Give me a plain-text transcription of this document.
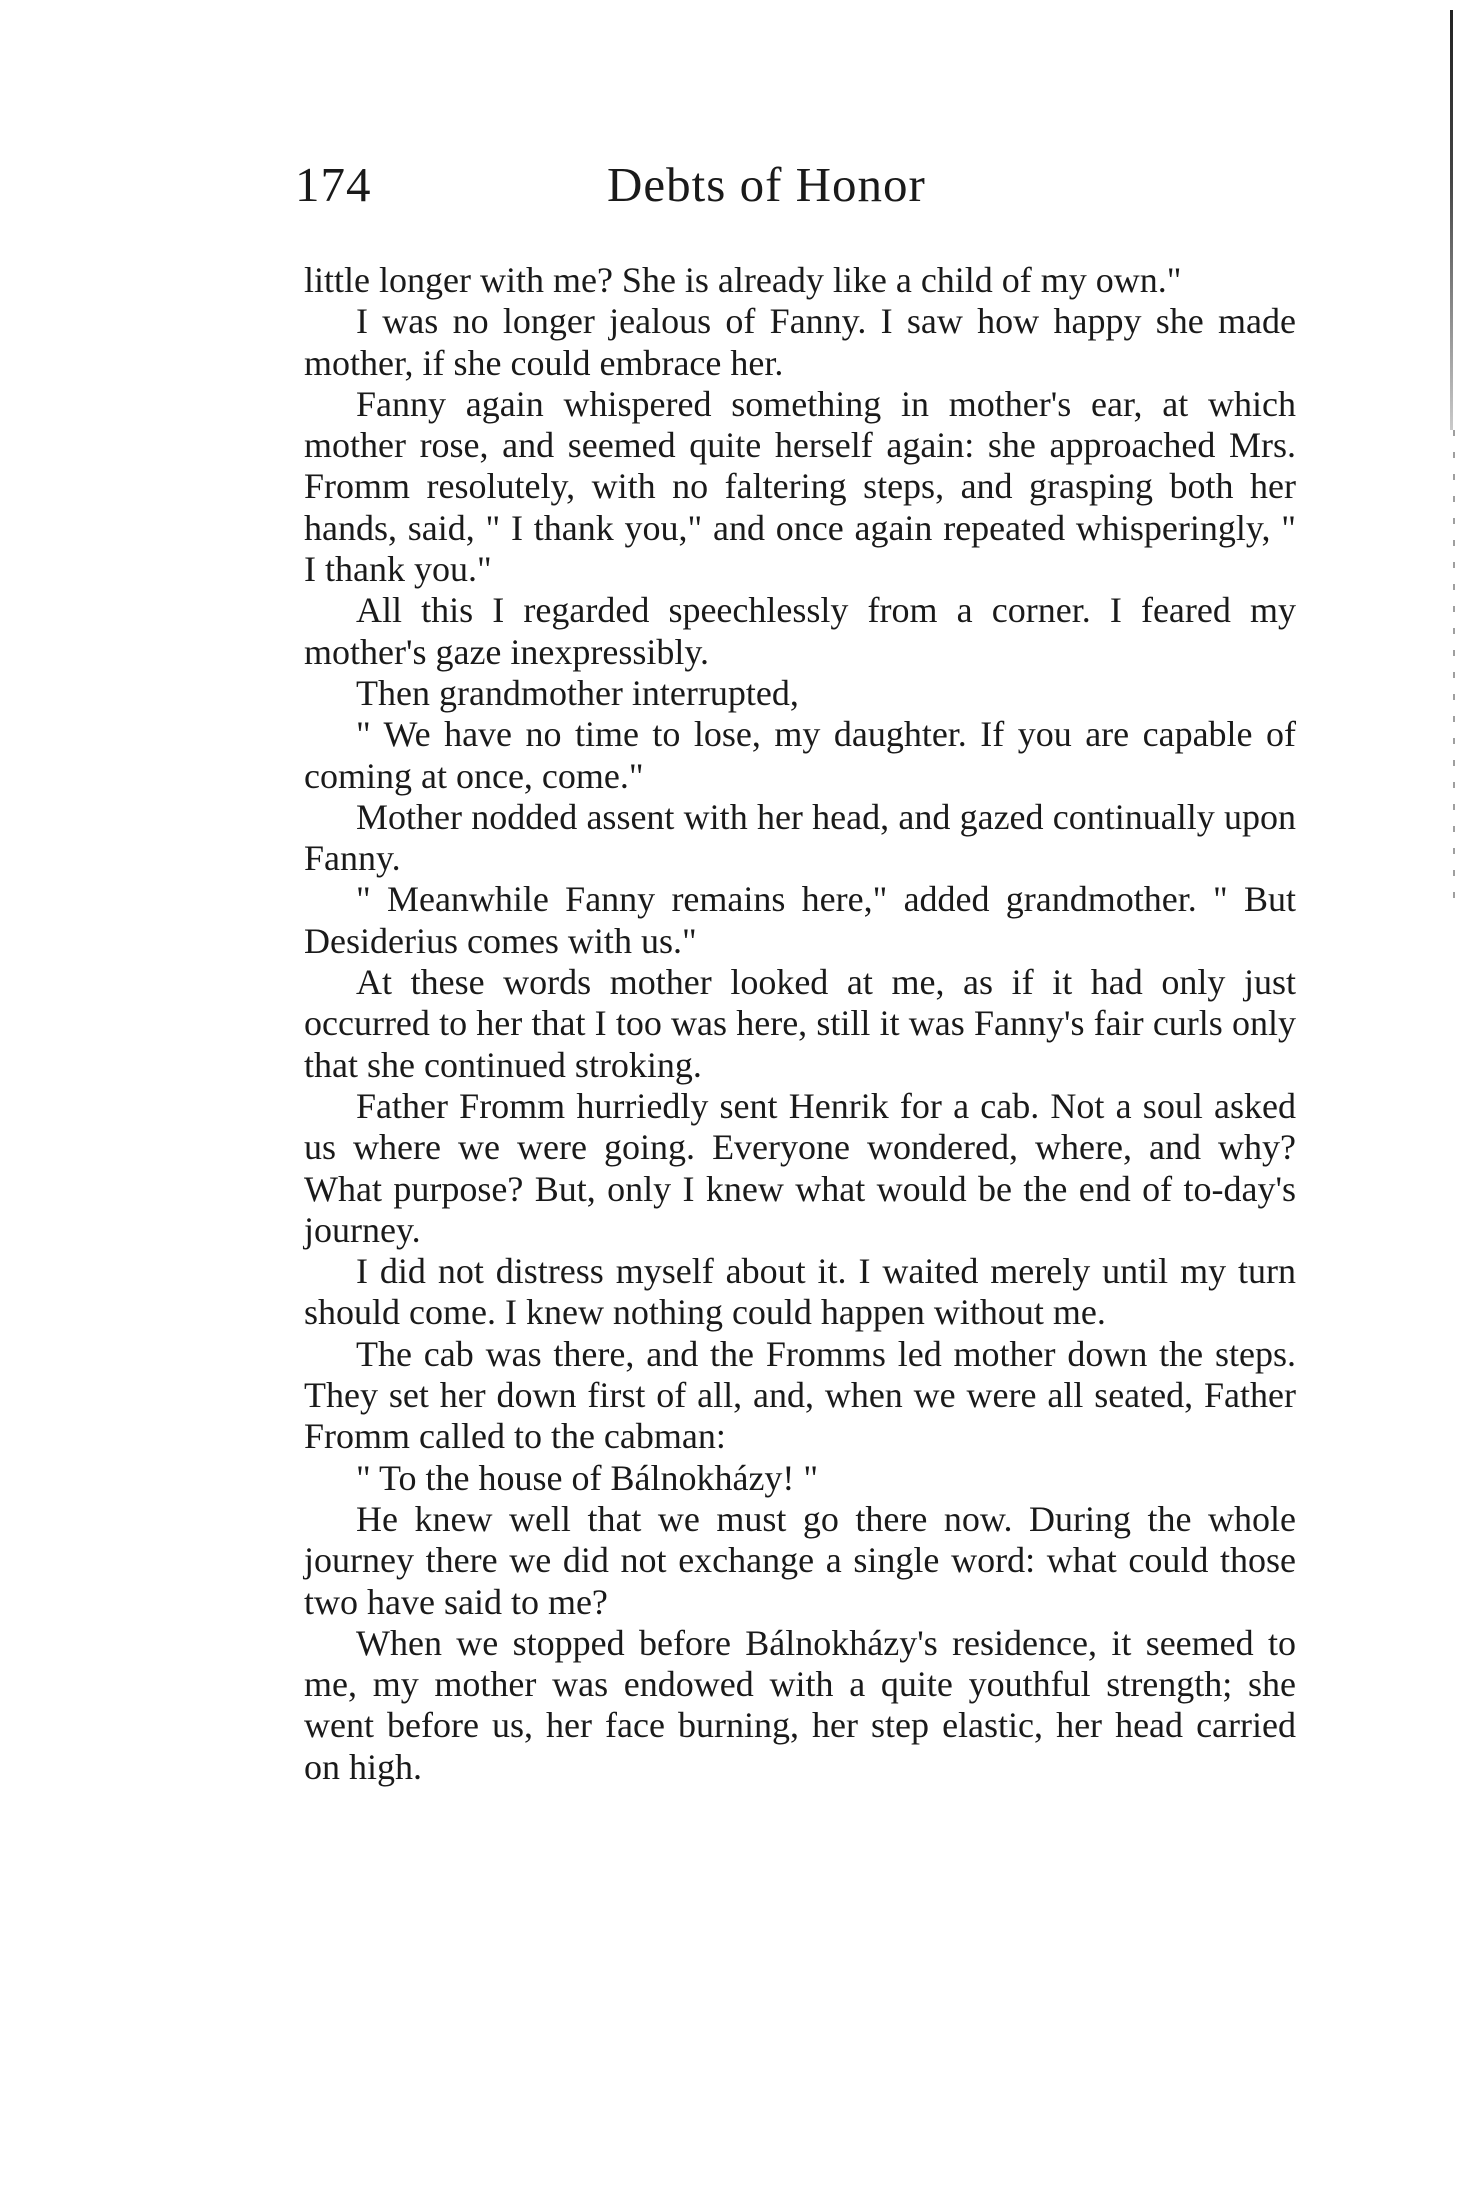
174	Debts of Honor

little longer with me? She is already like a child of my own."

I was no longer jealous of Fanny. I saw how happy she made mother, if she could embrace her.

Fanny again whispered something in mother's ear, at which mother rose, and seemed quite herself again: she approached Mrs. Fromm resolutely, with no faltering steps, and grasping both her hands, said, " I thank you," and once again repeated whisperingly, " I thank you."

All this I regarded speechlessly from a corner. I feared my mother's gaze inexpressibly.

Then grandmother interrupted,

" We have no time to lose, my daughter. If you are capable of coming at once, come."

Mother nodded assent with her head, and gazed continually upon Fanny.

" Meanwhile Fanny remains here," added grandmother. " But Desiderius comes with us."

At these words mother looked at me, as if it had only just occurred to her that I too was here, still it was Fanny's fair curls only that she continued stroking.

Father Fromm hurriedly sent Henrik for a cab. Not a soul asked us where we were going. Everyone wondered, where, and why? What purpose? But, only I knew what would be the end of to-day's journey.

I did not distress myself about it. I waited merely until my turn should come. I knew nothing could happen without me.

The cab was there, and the Fromms led mother down the steps. They set her down first of all, and, when we were all seated, Father Fromm called to the cabman:

" To the house of Bálnokházy! "

He knew well that we must go there now. During the whole journey there we did not exchange a single word: what could those two have said to me?

When we stopped before Bálnokházy's residence, it seemed to me, my mother was endowed with a quite youthful strength; she went before us, her face burning, her step elastic, her head carried on high.
